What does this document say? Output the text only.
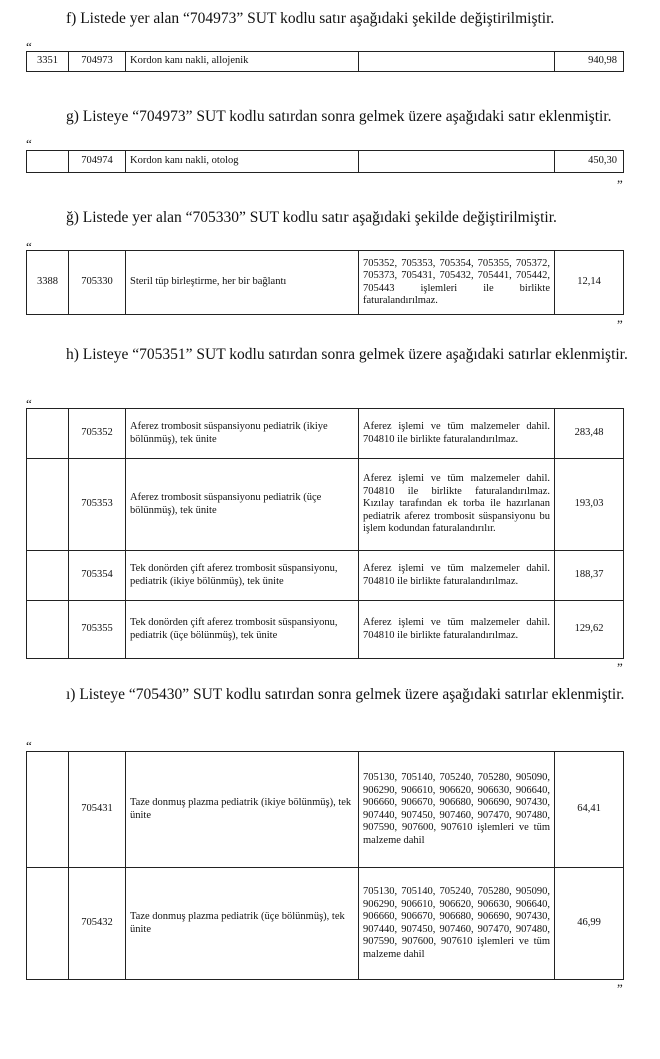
f) Listede yer alan “704973” SUT kodlu satır aşağıdaki şekilde değiştirilmiştir.
“
3351	704973	Kordon kanı nakli, allojenik		940,98
g) Listeye “704973” SUT kodlu satırdan sonra gelmek üzere aşağıdaki satır eklenmiştir.
“
	704974	Kordon kanı nakli, otolog		450,30
”
ğ) Listede yer alan “705330” SUT kodlu satır aşağıdaki şekilde değiştirilmiştir.
“
3388	705330	Steril tüp birleştirme, her bir bağlantı	705352, 705353, 705354, 705355, 705372, 705373, 705431, 705432, 705441, 705442, 705443 işlemleri ile birlikte faturalandırılmaz.	12,14
”
h) Listeye “705351” SUT kodlu satırdan sonra gelmek üzere aşağıdaki satırlar eklenmiştir.
“
	705352	Aferez trombosit süspansiyonu pediatrik (ikiye bölünmüş), tek ünite	Aferez işlemi ve tüm malzemeler dahil. 704810 ile birlikte faturalandırılmaz.	283,48
	705353	Aferez trombosit süspansiyonu pediatrik (üçe bölünmüş), tek ünite	Aferez işlemi ve tüm malzemeler dahil. 704810 ile birlikte faturalandırılmaz. Kızılay tarafından ek torba ile hazırlanan pediatrik aferez trombosit süspansiyonu bu işlem kodundan faturalandırılır.	193,03
	705354	Tek donörden çift aferez trombosit süspansiyonu, pediatrik (ikiye bölünmüş), tek ünite	Aferez işlemi ve tüm malzemeler dahil. 704810 ile birlikte faturalandırılmaz.	188,37
	705355	Tek donörden çift aferez trombosit süspansiyonu, pediatrik (üçe bölünmüş), tek ünite	Aferez işlemi ve tüm malzemeler dahil. 704810 ile birlikte faturalandırılmaz.	129,62
”
ı) Listeye “705430” SUT kodlu satırdan sonra gelmek üzere aşağıdaki satırlar eklenmiştir.
“
	705431	Taze donmuş plazma pediatrik (ikiye bölünmüş), tek ünite	705130, 705140, 705240, 705280, 905090, 906290, 906610, 906620, 906630, 906640, 906660, 906670, 906680, 906690, 907430, 907440, 907450, 907460, 907470, 907480, 907590, 907600, 907610 işlemleri ve tüm malzeme dahil	64,41
	705432	Taze donmuş plazma pediatrik (üçe bölünmüş), tek ünite	705130, 705140, 705240, 705280, 905090, 906290, 906610, 906620, 906630, 906640, 906660, 906670, 906680, 906690, 907430, 907440, 907450, 907460, 907470, 907480, 907590, 907600, 907610 işlemleri ve tüm malzeme dahil	46,99
”
